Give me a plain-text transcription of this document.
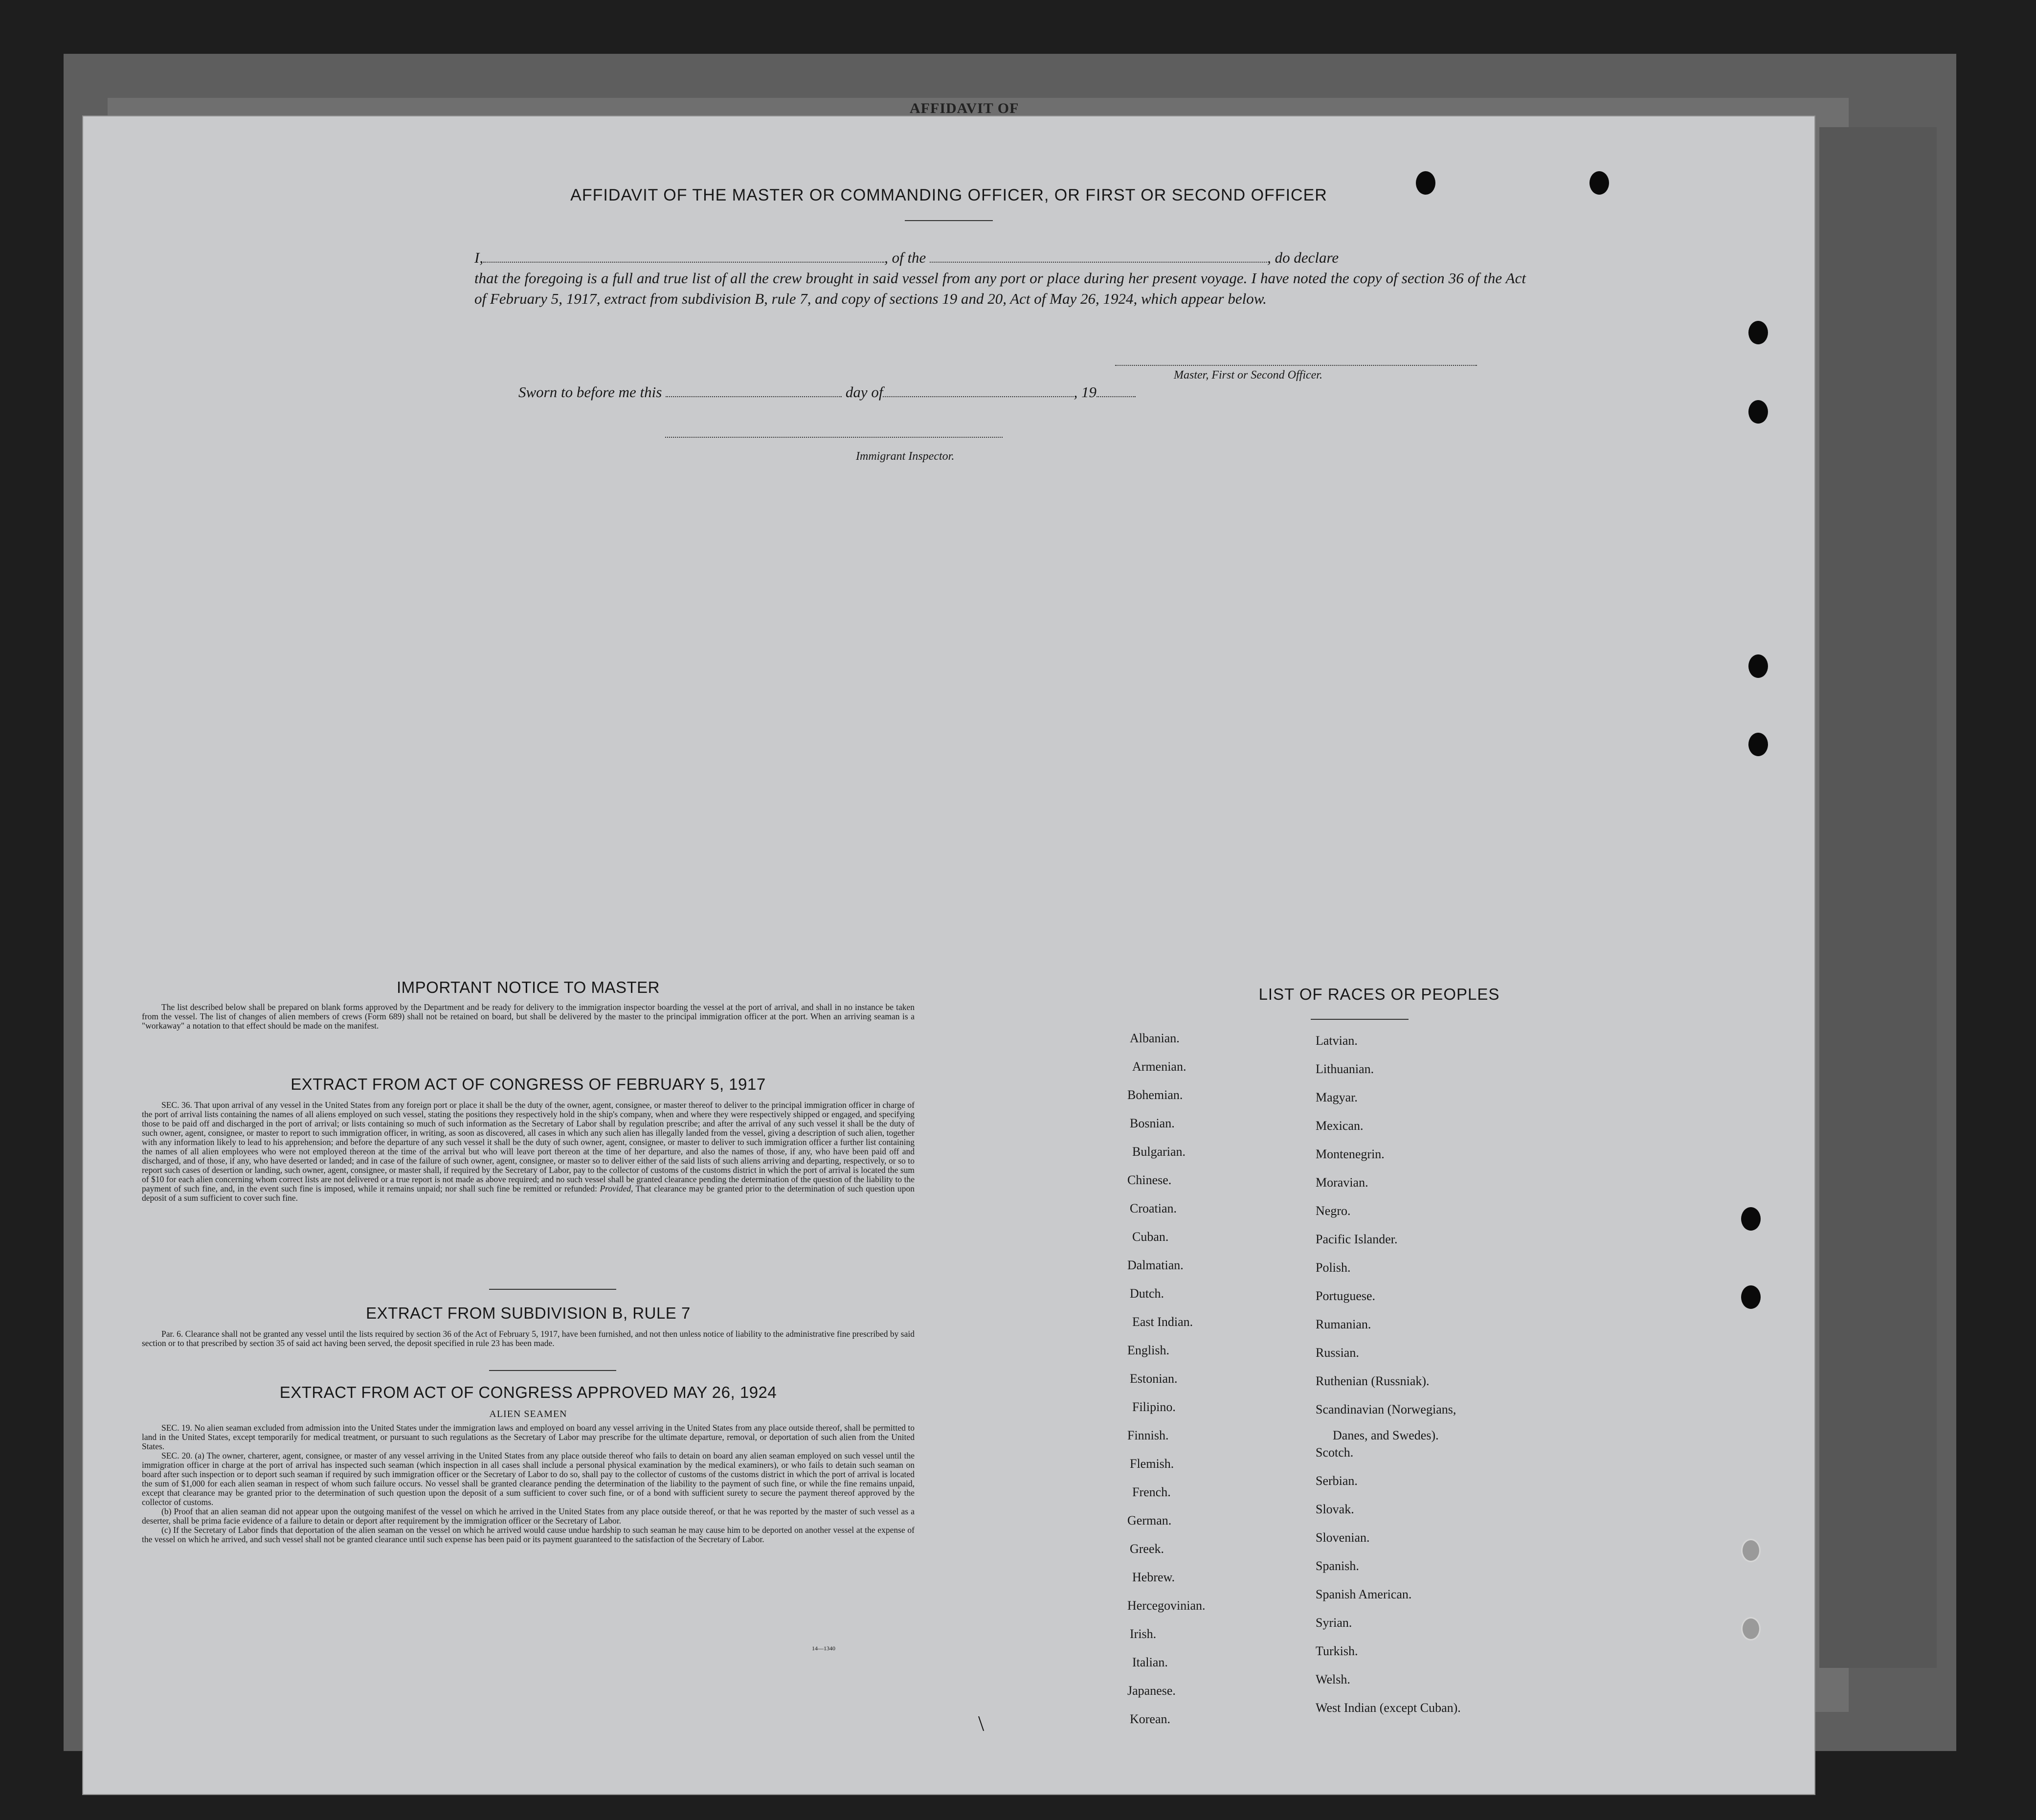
AFFIDAVIT OF
AFFIDAVIT OF THE MASTER OR COMMANDING OFFICER, OR FIRST OR SECOND OFFICER

I,	, of the	, do declare

that the foregoing is a full and true list of all the crew brought in said vessel from any port or place during her present voyage. I have noted the copy of section 36 of the Act of February 5, 1917, extract from subdivision B, rule 7, and copy of sections 19 and 20, Act of May 26, 1924, which appear below.

Master, First or Second Officer.
Sworn to before me this	day of	, 19
Immigrant Inspector.
IMPORTANT NOTICE TO MASTER

The list described below shall be prepared on blank forms approved by the Department and be ready for delivery to the immigration inspector boarding the vessel at the port of arrival, and shall in no instance be taken from the vessel. The list of changes of alien members of crews (Form 689) shall not be retained on board, but shall be delivered by the master to the principal immigration officer at the port. When an arriving seaman is a "workaway" a notation to that effect should be made on the manifest.

EXTRACT FROM ACT OF CONGRESS OF FEBRUARY 5, 1917

SEC. 36. That upon arrival of any vessel in the United States from any foreign port or place it shall be the duty of the owner, agent, consignee, or master thereof to deliver to the principal immigration officer in charge of the port of arrival lists containing the names of all aliens employed on such vessel, stating the positions they respectively hold in the ship's company, when and where they were respectively shipped or engaged, and specifying those to be paid off and discharged in the port of arrival; or lists containing so much of such information as the Secretary of Labor shall by regulation prescribe; and after the arrival of any such vessel it shall be the duty of such owner, agent, consignee, or master to report to such immigration officer, in writing, as soon as discovered, all cases in which any such alien has illegally landed from the vessel, giving a description of such alien, together with any information likely to lead to his apprehension; and before the departure of any such vessel it shall be the duty of such owner, agent, consignee, or master to deliver to such immigration officer a further list containing the names of all alien employees who were not employed thereon at the time of the arrival but who will leave port thereon at the time of her departure, and also the names of those, if any, who have been paid off and discharged, and of those, if any, who have deserted or landed; and in case of the failure of such owner, agent, consignee, or master so to deliver either of the said lists of such aliens arriving and departing, respectively, or so to report such cases of desertion or landing, such owner, agent, consignee, or master shall, if required by the Secretary of Labor, pay to the collector of customs of the customs district in which the port of arrival is located the sum of $10 for each alien concerning whom correct lists are not delivered or a true report is not made as above required; and no such vessel shall be granted clearance pending the determination of the question of the liability to the payment of such fine, and, in the event such fine is imposed, while it remains unpaid; nor shall such fine be remitted or refunded: Provided, That clearance may be granted prior to the determination of such question upon deposit of a sum sufficient to cover such fine.

EXTRACT FROM SUBDIVISION B, RULE 7

Par. 6. Clearance shall not be granted any vessel until the lists required by section 36 of the Act of February 5, 1917, have been furnished, and not then unless notice of liability to the administrative fine prescribed by said section or to that prescribed by section 35 of said act having been served, the deposit specified in rule 23 has been made.

EXTRACT FROM ACT OF CONGRESS APPROVED MAY 26, 1924
ALIEN SEAMEN

SEC. 19. No alien seaman excluded from admission into the United States under the immigration laws and employed on board any vessel arriving in the United States from any place outside thereof, shall be permitted to land in the United States, except temporarily for medical treatment, or pursuant to such regulations as the Secretary of Labor may prescribe for the ultimate departure, removal, or deportation of such alien from the United States.

SEC. 20. (a) The owner, charterer, agent, consignee, or master of any vessel arriving in the United States from any place outside thereof who fails to detain on board any alien seaman employed on such vessel until the immigration officer in charge at the port of arrival has inspected such seaman (which inspection in all cases shall include a personal physical examination by the medical examiners), or who fails to detain such seaman on board after such inspection or to deport such seaman if required by such immigration officer or the Secretary of Labor to do so, shall pay to the collector of customs of the customs district in which the port of arrival is located the sum of $1,000 for each alien seaman in respect of whom such failure occurs. No vessel shall be granted clearance pending the determination of the liability to the payment of such fine, or while the fine remains unpaid, except that clearance may be granted prior to the determination of such question upon the deposit of a sum sufficient to cover such fine, or of a bond with sufficient surety to secure the payment thereof approved by the collector of customs.

(b) Proof that an alien seaman did not appear upon the outgoing manifest of the vessel on which he arrived in the United States from any place outside thereof, or that he was reported by the master of such vessel as a deserter, shall be prima facie evidence of a failure to detain or deport after requirement by the immigration officer or the Secretary of Labor.

(c) If the Secretary of Labor finds that deportation of the alien seaman on the vessel on which he arrived would cause undue hardship to such seaman he may cause him to be deported on another vessel at the expense of the vessel on which he arrived, and such vessel shall not be granted clearance until such expense has been paid or its payment guaranteed to the satisfaction of the Secretary of Labor.

14—1340
LIST OF RACES OR PEOPLES
Danes, and Swedes).
\
Albanian.
Armenian.
Bohemian.
Bosnian.
Bulgarian.
Chinese.
Croatian.
Cuban.
Dalmatian.
Dutch.
East Indian.
English.
Estonian.
Filipino.
Finnish.
Flemish.
French.
German.
Greek.
Hebrew.
Hercegovinian.
Irish.
Italian.
Japanese.
Korean.
Latvian.
Lithuanian.
Magyar.
Mexican.
Montenegrin.
Moravian.
Negro.
Pacific Islander.
Polish.
Portuguese.
Rumanian.
Russian.
Ruthenian (Russniak).
Scandinavian (Norwegians,
Scotch.
Serbian.
Slovak.
Slovenian.
Spanish.
Spanish American.
Syrian.
Turkish.
Welsh.
West Indian (except Cuban).
